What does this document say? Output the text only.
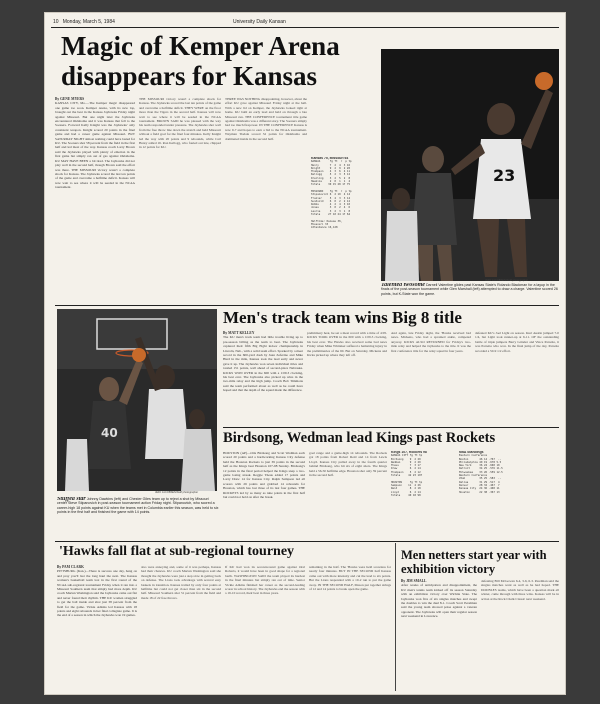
10 Monday, March 5, 1984	University Daily Kansan
Magic of Kemper Arena
disappears for Kansas
By GENE MYERS
KANSAS CITY, Mo.—The Kemper magic disappeared one game too soon. Kemper Arena, with its new lop, brought out the best in the Kansas Jayhawks Friday night against Missouri. But one night later the Jayhawks encountered Oklahoma and it was Kansas that fell to the Sooners. Forward Kelly Knight was the Jayhawks' only consistent weapon. Knight scored 20 points in the final game and had a career game against Missouri. BUT SATURDAY NIGHT almost nothing could have lasted for KU. The Sooners shot 58 percent from the field in the first half and led most of the way. Kansas coach Larry Brown said the Jayhawks played with plenty of emotion in the first game but simply ran out of gas against Oklahoma. KU MAY HAVE BEEN a bit tired. The Jayhawks did not play well in the second half, though Brown said the effort was there. THE MISSOURI victory wasn't a complete shock for Kansas. The Jayhawks scored the last ten points of the game and overcame a halftime deficit. Kansas will now wait to see where it will be seeded in the NCAA tournament.
THE MISSOURI victory wasn't a complete shock for Kansas. The Jayhawks scored the last ten points of the game and overcame a halftime deficit. THEY WERE on the floor more than the Tigers in the second half. Kansas will now wait to see where it will be seeded in the NCAA tournament. BROWN SAID he was pleased with the way his team responded under pressure. The Jayhawks shot well from the free throw line down the stretch and held Missouri without a field goal for the final four minutes. Kelly Knight led the way with 20 points and 9 rebounds, while Carl Henry added 16. Ron Kellogg, who fouled out late, chipped in 12 points for KU.
THREE WAS NOTHING disappointing, however, about the effort KU gave against Missouri Friday night at the hall. With a new lid on Kemper, the Jayhawks looked right at home. KU built an early lead and held on through a late Missouri run. THE CONFERENCE tournament title game against Oklahoma was a different story. The Sooners simply had too much firepower. IN THE CONFERENCE Kansas is now 9-7 and hopes to earn a bid to the NCAA tournament. Wayman Tisdale scored 32 points for Oklahoma and dominated inside in the second half.
Kansas 75, Missouri 64
KANSAS      fg ft  r  p tp
Henry       7  2  4  3 16
Knight      9  2  9  2 20
Thompson    4  3  6  4 11
Kellogg     5  2  3  5 12
Dreiling    3  2  5  2  8
Hawkins     2  0  1  1  4
Totals     30 15 28 17 75

MISSOURI    fg ft  r  p tp
Stipanovich 6  2 10  4 14
Frazier     5  4  3  3 14
Sundvold    6  0  2  2 12
Dobbs       4  2  4  3 10
Jones       3  0  2  4  6
Laurie      3  2  3  1  8
Totals     27 10 24 17 64

Halftime: Kansas 36,
Missouri 33
Attendance 16,128
23
Talented twosome Darnell Valentine glides past Kansas State's Rolando Blackman for a layup in the finals of the post-season tournament while Glen Marshall (left) attempted to draw a charge. Valentine scored 26 points, but K-State won the game.
JEFF JACOBSEN/Staff photographer
40
JEFF JACOBSEN/Staff photographer
Stuffed star Johnny Dawkins (left) and Chester Giles team up to reject a shot by Missouri center Steve Stipanovich in post-season tournament action Friday night. Stipanovich, who scored a career-high 18 points against KU when the teams met in Columbia earlier this season, was held to six points in the first half and finished the game with 14 points.
Men's track team wins Big 8 title
By MATT KELLEY
The KU men's track team had little trouble living up to pre-season billing as the team to beat. The Jayhawks captured their fifth Big Eight indoor championship in Lincoln, Neb., with a solid team effort. Sparked by a meet record in the 600-yard dash by Juan Zeferino and Mike Hurd in the mile, Kansas took the lead early and never gave it up. The Jayhawks won seven individual titles and totaled 151 points, well ahead of second-place Nebraska. KICKS WON OVER in the 600 with a 1:09.3 clocking, his best ever. The Jayhawks also picked up wins in the two-mile relay and the high jump. Coach Bob Timmons said the team performed about as well as he could have hoped and that the depth of the squad made the difference.
preliminary heat, he set a meet record with a time of 4:05. KICKS TOOK OVER in the 600 with a 1:09.3 clocking, his best ever. The Hawks also received some bad news Friday when Mike Whitaker suffered a hamstring injury in the preliminaries of the 60. But on Saturday, Mickens and Kicks picked up where they left off.
And again, late Friday night, the 'Hawks received bad news. Mickens, who had a sprained ankle, competed anyway. KICKS ALSO RETURNED for Friday's two-mile relay and helped the Jayhawks to the title. It was the first conference title for the relay squad in four years.
defeated KU's Joel Light on season. Kurt Austin jumped 7-0 1/4, but Light took runner-up at 6-11. OF the outstanding battle of triple jumpers Barry Grinder and Vince Parrette, it was Parrette who won. In the final jump of the day, Parrette recorded a 50-9 1/2 effort.
Birdsong, Wedman lead Kings past Rockets
HOUSTON (AP)—Otis Birdsong and Scott Wedman each scored 20 points and a hardworking Kansas City defense held the Houston Rockets to just 39 points in the second half as the Kings beat Houston 107-98 Sunday. Birdsong's 12 points in the final period helped the Kings snap a two-game losing streak. Reggie Theus added 17 points and Larry Drew 14 for Kansas City. Ralph Sampson led all scorers with 26 points and grabbed 14 rebounds for Houston, which has lost three of its last four games. THE ROCKETS led by as many as nine points in the first half but could not hold on after the break.
goal range and a game-high 14 rebounds. The Rockets got 18 points from Robert Reid and 14 from Lewis Lloyd. Kansas City pulled away in the fourth quarter behind Birdsong, who hit six of eight shots. The Kings held a 56-50 halftime edge. Houston shot only 39 percent in the second half.
Kings 107, Rockets 98
KANSAS CITY fg ft tp
Birdsong    9  2 20
Wedman      9  2 20
Theus       7  3 17
Drew        6  2 14
Thompson    5  2 12
Totals     42 23 107

HOUSTON     fg ft tp
Sampson    11  4 26
Reid        8  2 18
Lloyd       6  2 14
Totals     40 18 98
NBA Standings
Eastern Conference
Boston       46 14 .767  --
Philadelphia 40 19 .678 5.5
New York     36 24 .600 10
Detroit      34 25 .576 11.5
Milwaukee    33 26 .559 12.5
Western Conference
Utah         35 25 .583  --
Dallas       31 29 .517  4
Denver       28 32 .467  7
Kansas City  24 36 .400 11
Houston      22 38 .367 13
'Hawks fall flat at sub-regional tourney
By PAM CLARK
PITTSBURG (Kan.)—There is success one day, hang on and pray you'll last the long haul the next. The Kansas women's basketball team lost in the first round of the NCAA sub-regional tournament Friday when it ran into a Missouri Southern team that simply had more depth. KU coach Marian Washington said the Jayhawks came out flat and never found their rhythm. THE KU women struggled to get the ball inside and shot just 38 percent from the field for the game. Vickie Adkins led Kansas with 18 points and eight rebounds in her final collegiate game. It is the end of a season in which the Jayhawks won 19 games.
also were annoying and, some of it was perhaps, Kansas had their chances. KU coach Marian Washington said she thought the Jayhawks were just a step slow in getting back on defense. The Lions took advantage with several easy baskets in transition. Kansas trailed by only four points at halftime but could not get closer than six in the second half. Missouri Southern shot 51 percent from the field and made 18 of 22 free throws.
If KU had won its second-round game against Oral Roberts, it would have been in good shape for a regional berth. WASHINGTON SAID the team played its hardest in the final minutes but simply ran out of time. Senior Vickie Adkins finished her career as the second-leading scorer in school history. The Jayhawks end the season with a 19-10 record, their best in three years.
remaining in the half. The 'Hawks were held scoreless for nearly four minutes. BUT IN THE SECOND half Kansas came out with more intensity and cut the lead to six points. But the Lions responded with a 10-2 run to put the game away. IN THE SECOND HALF, Mason put together strings of 12 and 14 points to break open the game.
Men netters start year with exhibition victory
By JIM SMALL
After weeks of anticipation and disappointment, the KU men's tennis team kicked off its season Saturday with an exhibition victory over Wichita State. The Jayhawks won five of six singles matches and swept the doubles to win the dual 8-1. Coach Scott Perelman said the young team showed poise against a veteran opponent. The Jayhawks will open their regular season next weekend in Lawrence.
defeating Bill McGowan 6-4, 3-6, 6-3. Perelman said the singles matches went as well as he had hoped. THE DOUBLES teams, which have been a question mark all winter, came through with three wins. Kansas will be in action at the Rock Chalk Classic next weekend.
